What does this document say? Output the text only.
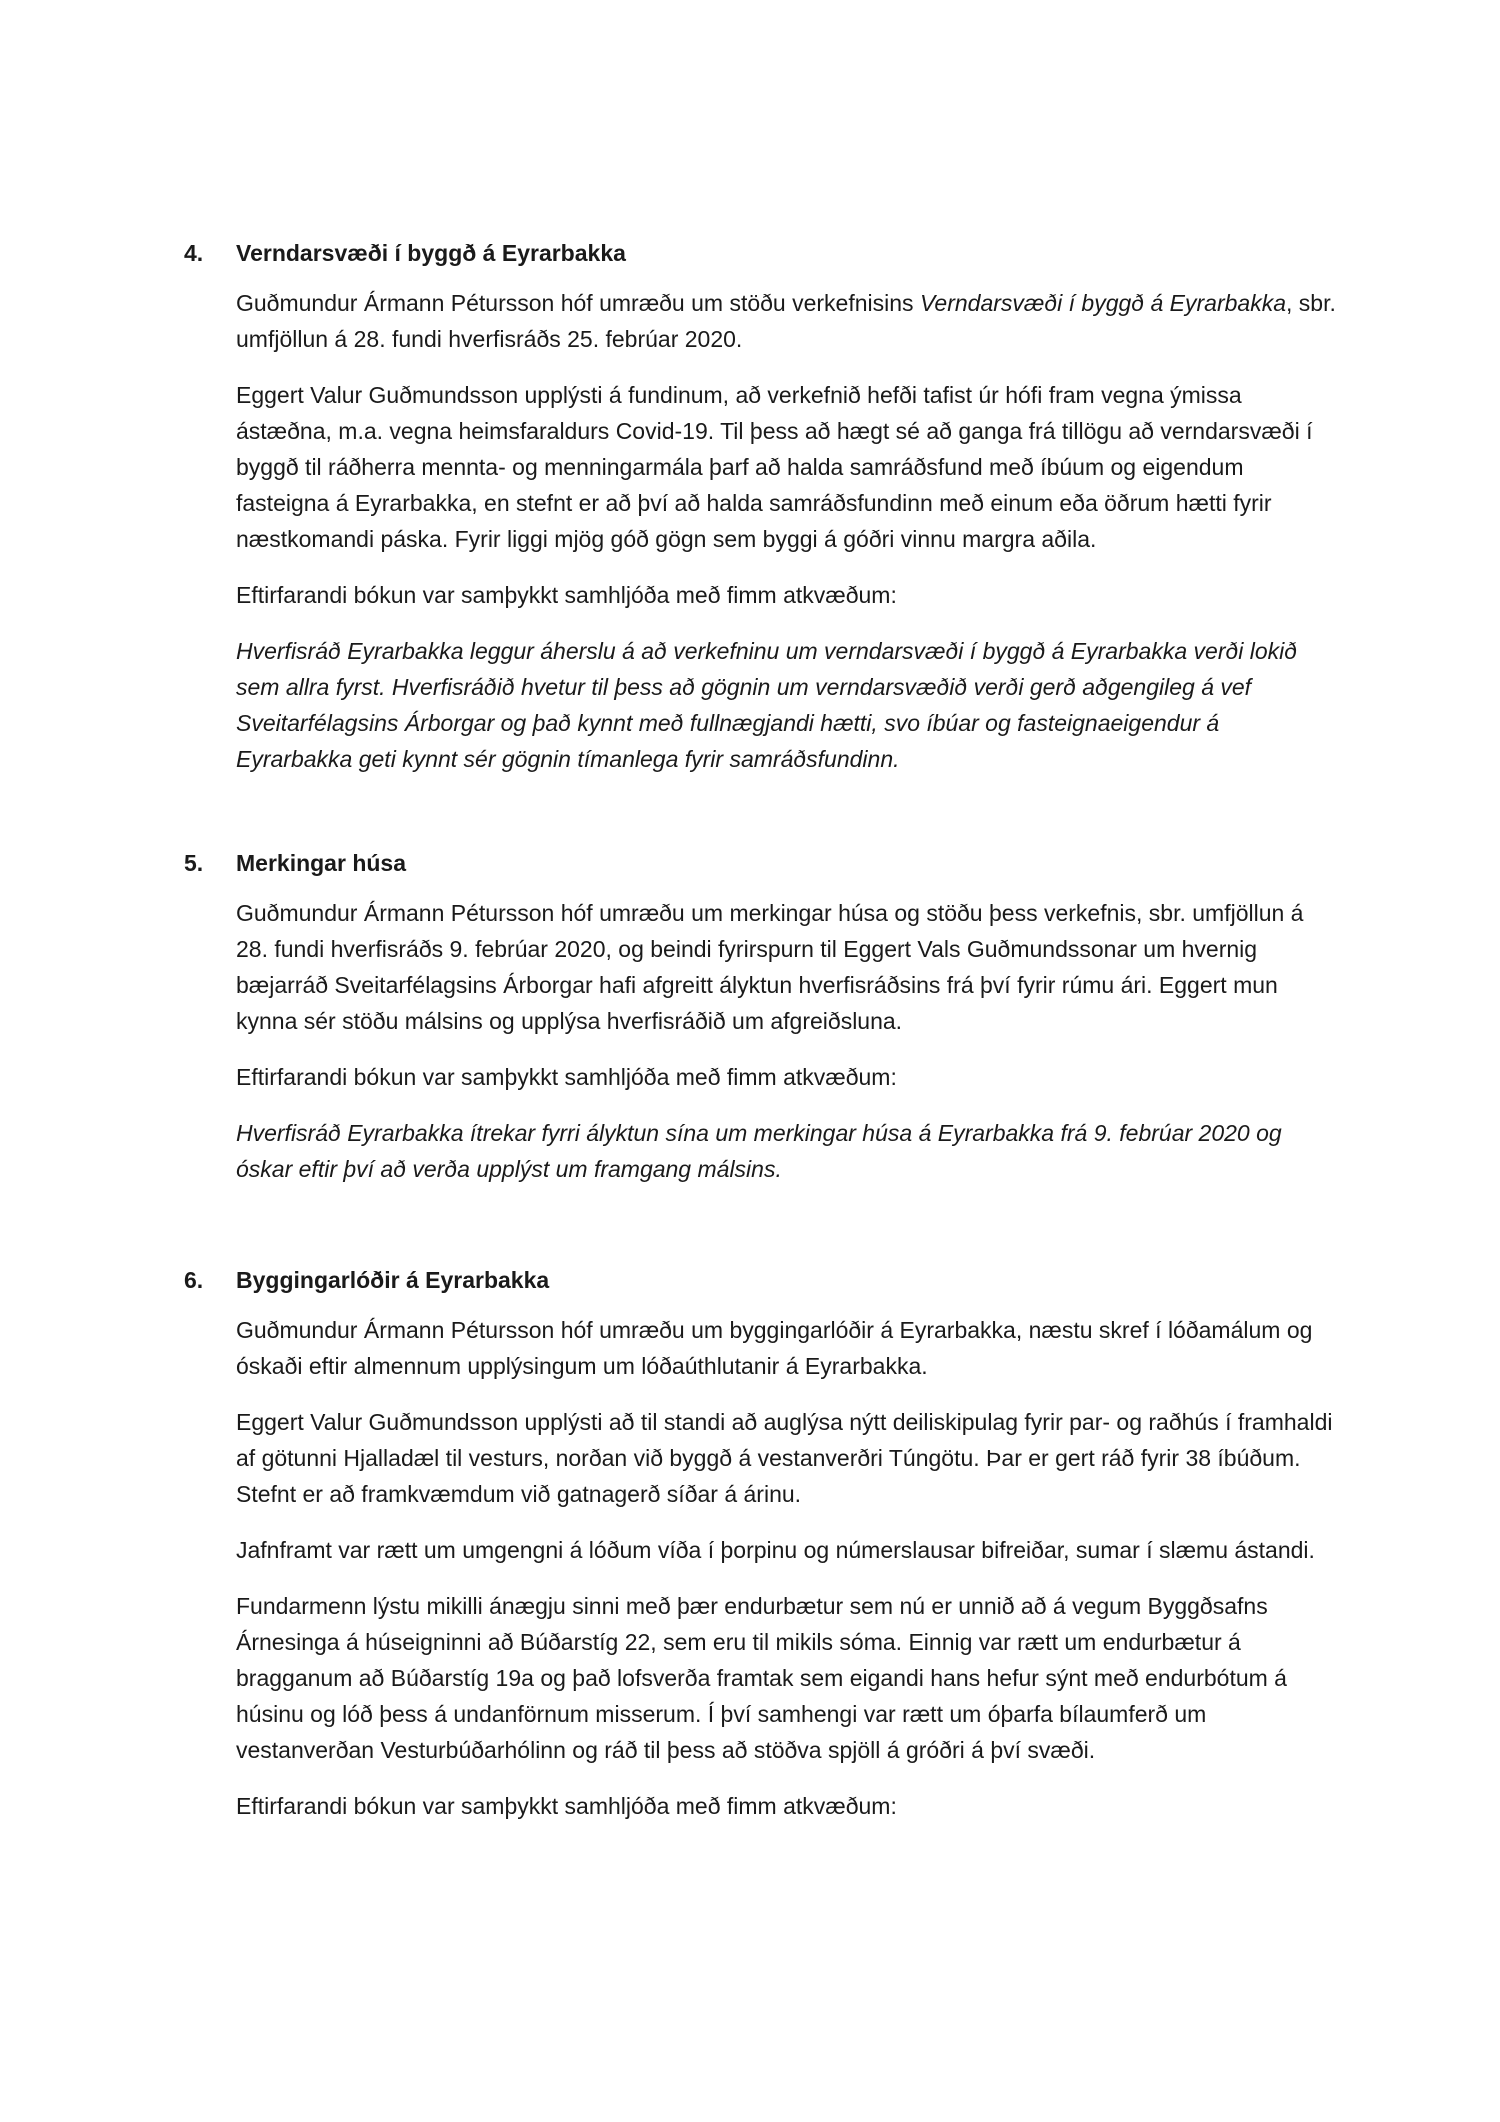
4. Verndarsvæði í byggð á Eyrarbakka

Guðmundur Ármann Pétursson hóf umræðu um stöðu verkefnisins Verndarsvæði í byggð á Eyrarbakka, sbr. umfjöllun á 28. fundi hverfisráðs 25. febrúar 2020.

Eggert Valur Guðmundsson upplýsti á fundinum, að verkefnið hefði tafist úr hófi fram vegna ýmissa ástæðna, m.a. vegna heimsfaraldurs Covid-19. Til þess að hægt sé að ganga frá tillögu að verndarsvæði í byggð til ráðherra mennta- og menningarmála þarf að halda samráðsfund með íbúum og eigendum fasteigna á Eyrarbakka, en stefnt er að því að halda samráðsfundinn með einum eða öðrum hætti fyrir næstkomandi páska. Fyrir liggi mjög góð gögn sem byggi á góðri vinnu margra aðila.

Eftirfarandi bókun var samþykkt samhljóða með fimm atkvæðum:

Hverfisráð Eyrarbakka leggur áherslu á að verkefninu um verndarsvæði í byggð á Eyrarbakka verði lokið sem allra fyrst. Hverfisráðið hvetur til þess að gögnin um verndarsvæðið verði gerð aðgengileg á vef Sveitarfélagsins Árborgar og það kynnt með fullnægjandi hætti, svo íbúar og fasteignaeigendur á Eyrarbakka geti kynnt sér gögnin tímanlega fyrir samráðsfundinn.

5. Merkingar húsa

Guðmundur Ármann Pétursson hóf umræðu um merkingar húsa og stöðu þess verkefnis, sbr. umfjöllun á 28. fundi hverfisráðs 9. febrúar 2020, og beindi fyrirspurn til Eggert Vals Guðmundssonar um hvernig bæjarráð Sveitarfélagsins Árborgar hafi afgreitt ályktun hverfisráðsins frá því fyrir rúmu ári. Eggert mun kynna sér stöðu málsins og upplýsa hverfisráðið um afgreiðsluna.

Eftirfarandi bókun var samþykkt samhljóða með fimm atkvæðum:

Hverfisráð Eyrarbakka ítrekar fyrri ályktun sína um merkingar húsa á Eyrarbakka frá 9. febrúar 2020 og óskar eftir því að verða upplýst um framgang málsins.

6. Byggingarlóðir á Eyrarbakka

Guðmundur Ármann Pétursson hóf umræðu um byggingarlóðir á Eyrarbakka, næstu skref í lóðamálum og óskaði eftir almennum upplýsingum um lóðaúthlutanir á Eyrarbakka.

Eggert Valur Guðmundsson upplýsti að til standi að auglýsa nýtt deiliskipulag fyrir par- og raðhús í framhaldi af götunni Hjalladæl til vesturs, norðan við byggð á vestanverðri Túngötu. Þar er gert ráð fyrir 38 íbúðum. Stefnt er að framkvæmdum við gatnagerð síðar á árinu.

Jafnframt var rætt um umgengni á lóðum víða í þorpinu og númerslausar bifreiðar, sumar í slæmu ástandi.

Fundarmenn lýstu mikilli ánægju sinni með þær endurbætur sem nú er unnið að á vegum Byggðsafns Árnesinga á húseigninni að Búðarstíg 22, sem eru til mikils sóma. Einnig var rætt um endurbætur á bragganum að Búðarstíg 19a og það lofsverða framtak sem eigandi hans hefur sýnt með endurbótum á húsinu og lóð þess á undanförnum misserum. Í því samhengi var rætt um óþarfa bílaumferð um vestanverðan Vesturbúðarhólinn og ráð til þess að stöðva spjöll á gróðri á því svæði.

Eftirfarandi bókun var samþykkt samhljóða með fimm atkvæðum:
